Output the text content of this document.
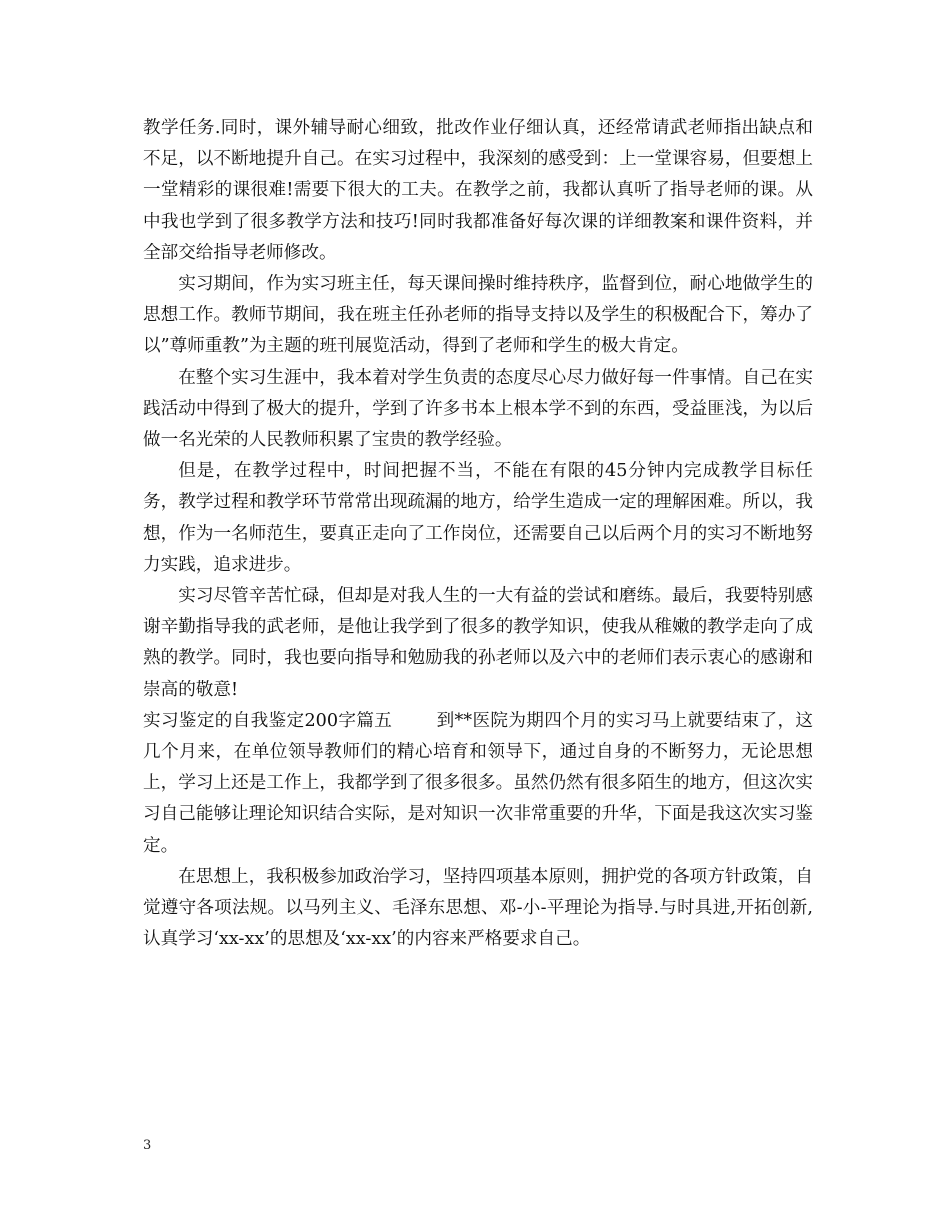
教学任务.同时，课外辅导耐心细致，批改作业仔细认真，还经常请武老师指出缺点和不足，以不断地提升自己。在实习过程中，我深刻的感受到：上一堂课容易，但要想上一堂精彩的课很难!需要下很大的工夫。在教学之前，我都认真听了指导老师的课。从中我也学到了很多教学方法和技巧!同时我都准备好每次课的详细教案和课件资料，并全部交给指导老师修改。

实习期间，作为实习班主任，每天课间操时维持秩序，监督到位，耐心地做学生的思想工作。教师节期间，我在班主任孙老师的指导支持以及学生的积极配合下，筹办了以”尊师重教”为主题的班刊展览活动，得到了老师和学生的极大肯定。

在整个实习生涯中，我本着对学生负责的态度尽心尽力做好每一件事情。自己在实践活动中得到了极大的提升，学到了许多书本上根本学不到的东西，受益匪浅，为以后做一名光荣的人民教师积累了宝贵的教学经验。

但是，在教学过程中，时间把握不当，不能在有限的45分钟内完成教学目标任务，教学过程和教学环节常常出现疏漏的地方，给学生造成一定的理解困难。所以，我想，作为一名师范生，要真正走向了工作岗位，还需要自己以后两个月的实习不断地努力实践，追求进步。

实习尽管辛苦忙碌，但却是对我人生的一大有益的尝试和磨练。最后，我要特别感谢辛勤指导我的武老师，是他让我学到了很多的教学知识，使我从稚嫩的教学走向了成熟的教学。同时，我也要向指导和勉励我的孙老师以及六中的老师们表示衷心的感谢和崇高的敬意!

实习鉴定的自我鉴定200字篇五	到**医院为期四个月的实习马上就要结束了，这几个月来，在单位领导教师们的精心培育和领导下，通过自身的不断努力，无论思想上，学习上还是工作上，我都学到了很多很多。虽然仍然有很多陌生的地方，但这次实习自己能够让理论知识结合实际，是对知识一次非常重要的升华，下面是我这次实习鉴定。

在思想上，我积极参加政治学习，坚持四项基本原则，拥护党的各项方针政策，自觉遵守各项法规。以马列主义、毛泽东思想、邓-小-平理论为指导.与时具进,开拓创新,认真学习‘xx-xx’的思想及‘xx-xx’的内容来严格要求自己。

3
